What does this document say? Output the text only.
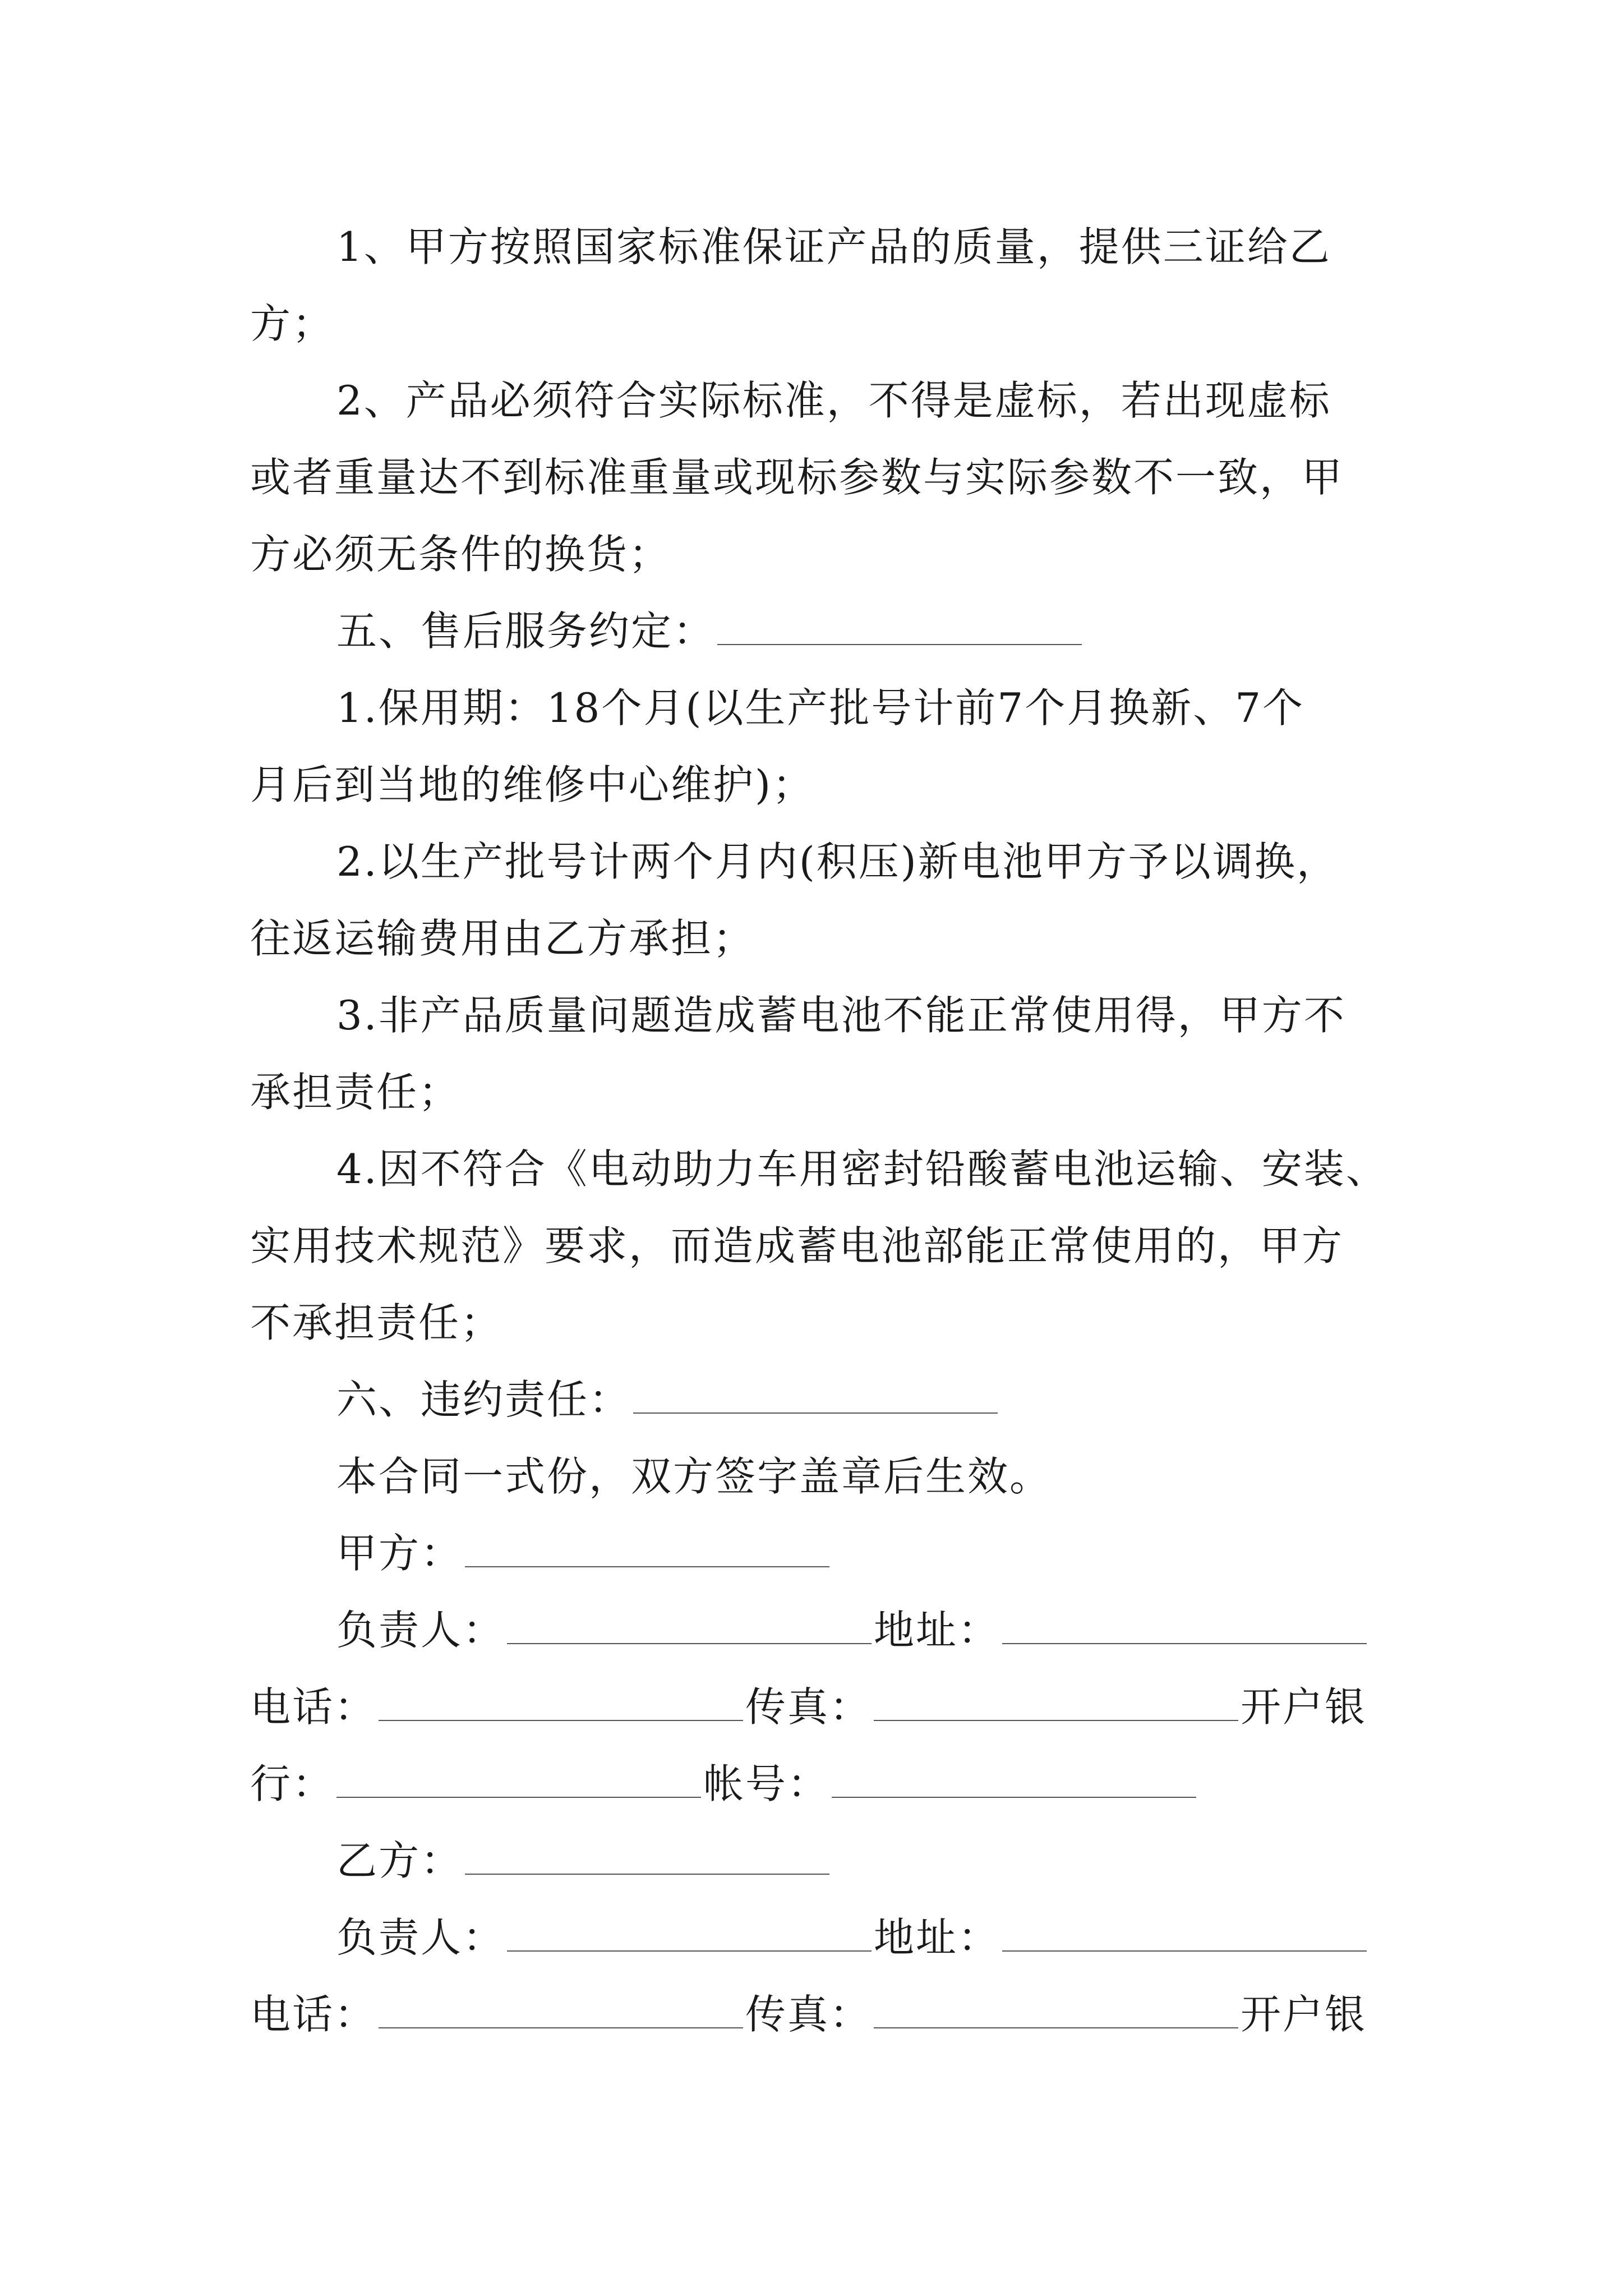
1、甲方按照国家标准保证产品的质量，提供三证给乙
方；
2、产品必须符合实际标准，不得是虚标，若出现虚标
或者重量达不到标准重量或现标参数与实际参数不一致，甲
方必须无条件的换货；
五、售后服务约定：
1.保用期：18个月(以生产批号计前7个月换新、7个
月后到当地的维修中心维护)；
2.以生产批号计两个月内(积压)新电池甲方予以调换，
往返运输费用由乙方承担；
3.非产品质量问题造成蓄电池不能正常使用得，甲方不
承担责任；
4.因不符合《电动助力车用密封铅酸蓄电池运输、安装、
实用技术规范》要求，而造成蓄电池部能正常使用的，甲方
不承担责任；
六、违约责任：
本合同一式份，双方签字盖章后生效。
甲方：
负责人：	地址：
电话：	传真：	开户银
行：	帐号：
乙方：
负责人：	地址：
电话：	传真：	开户银
